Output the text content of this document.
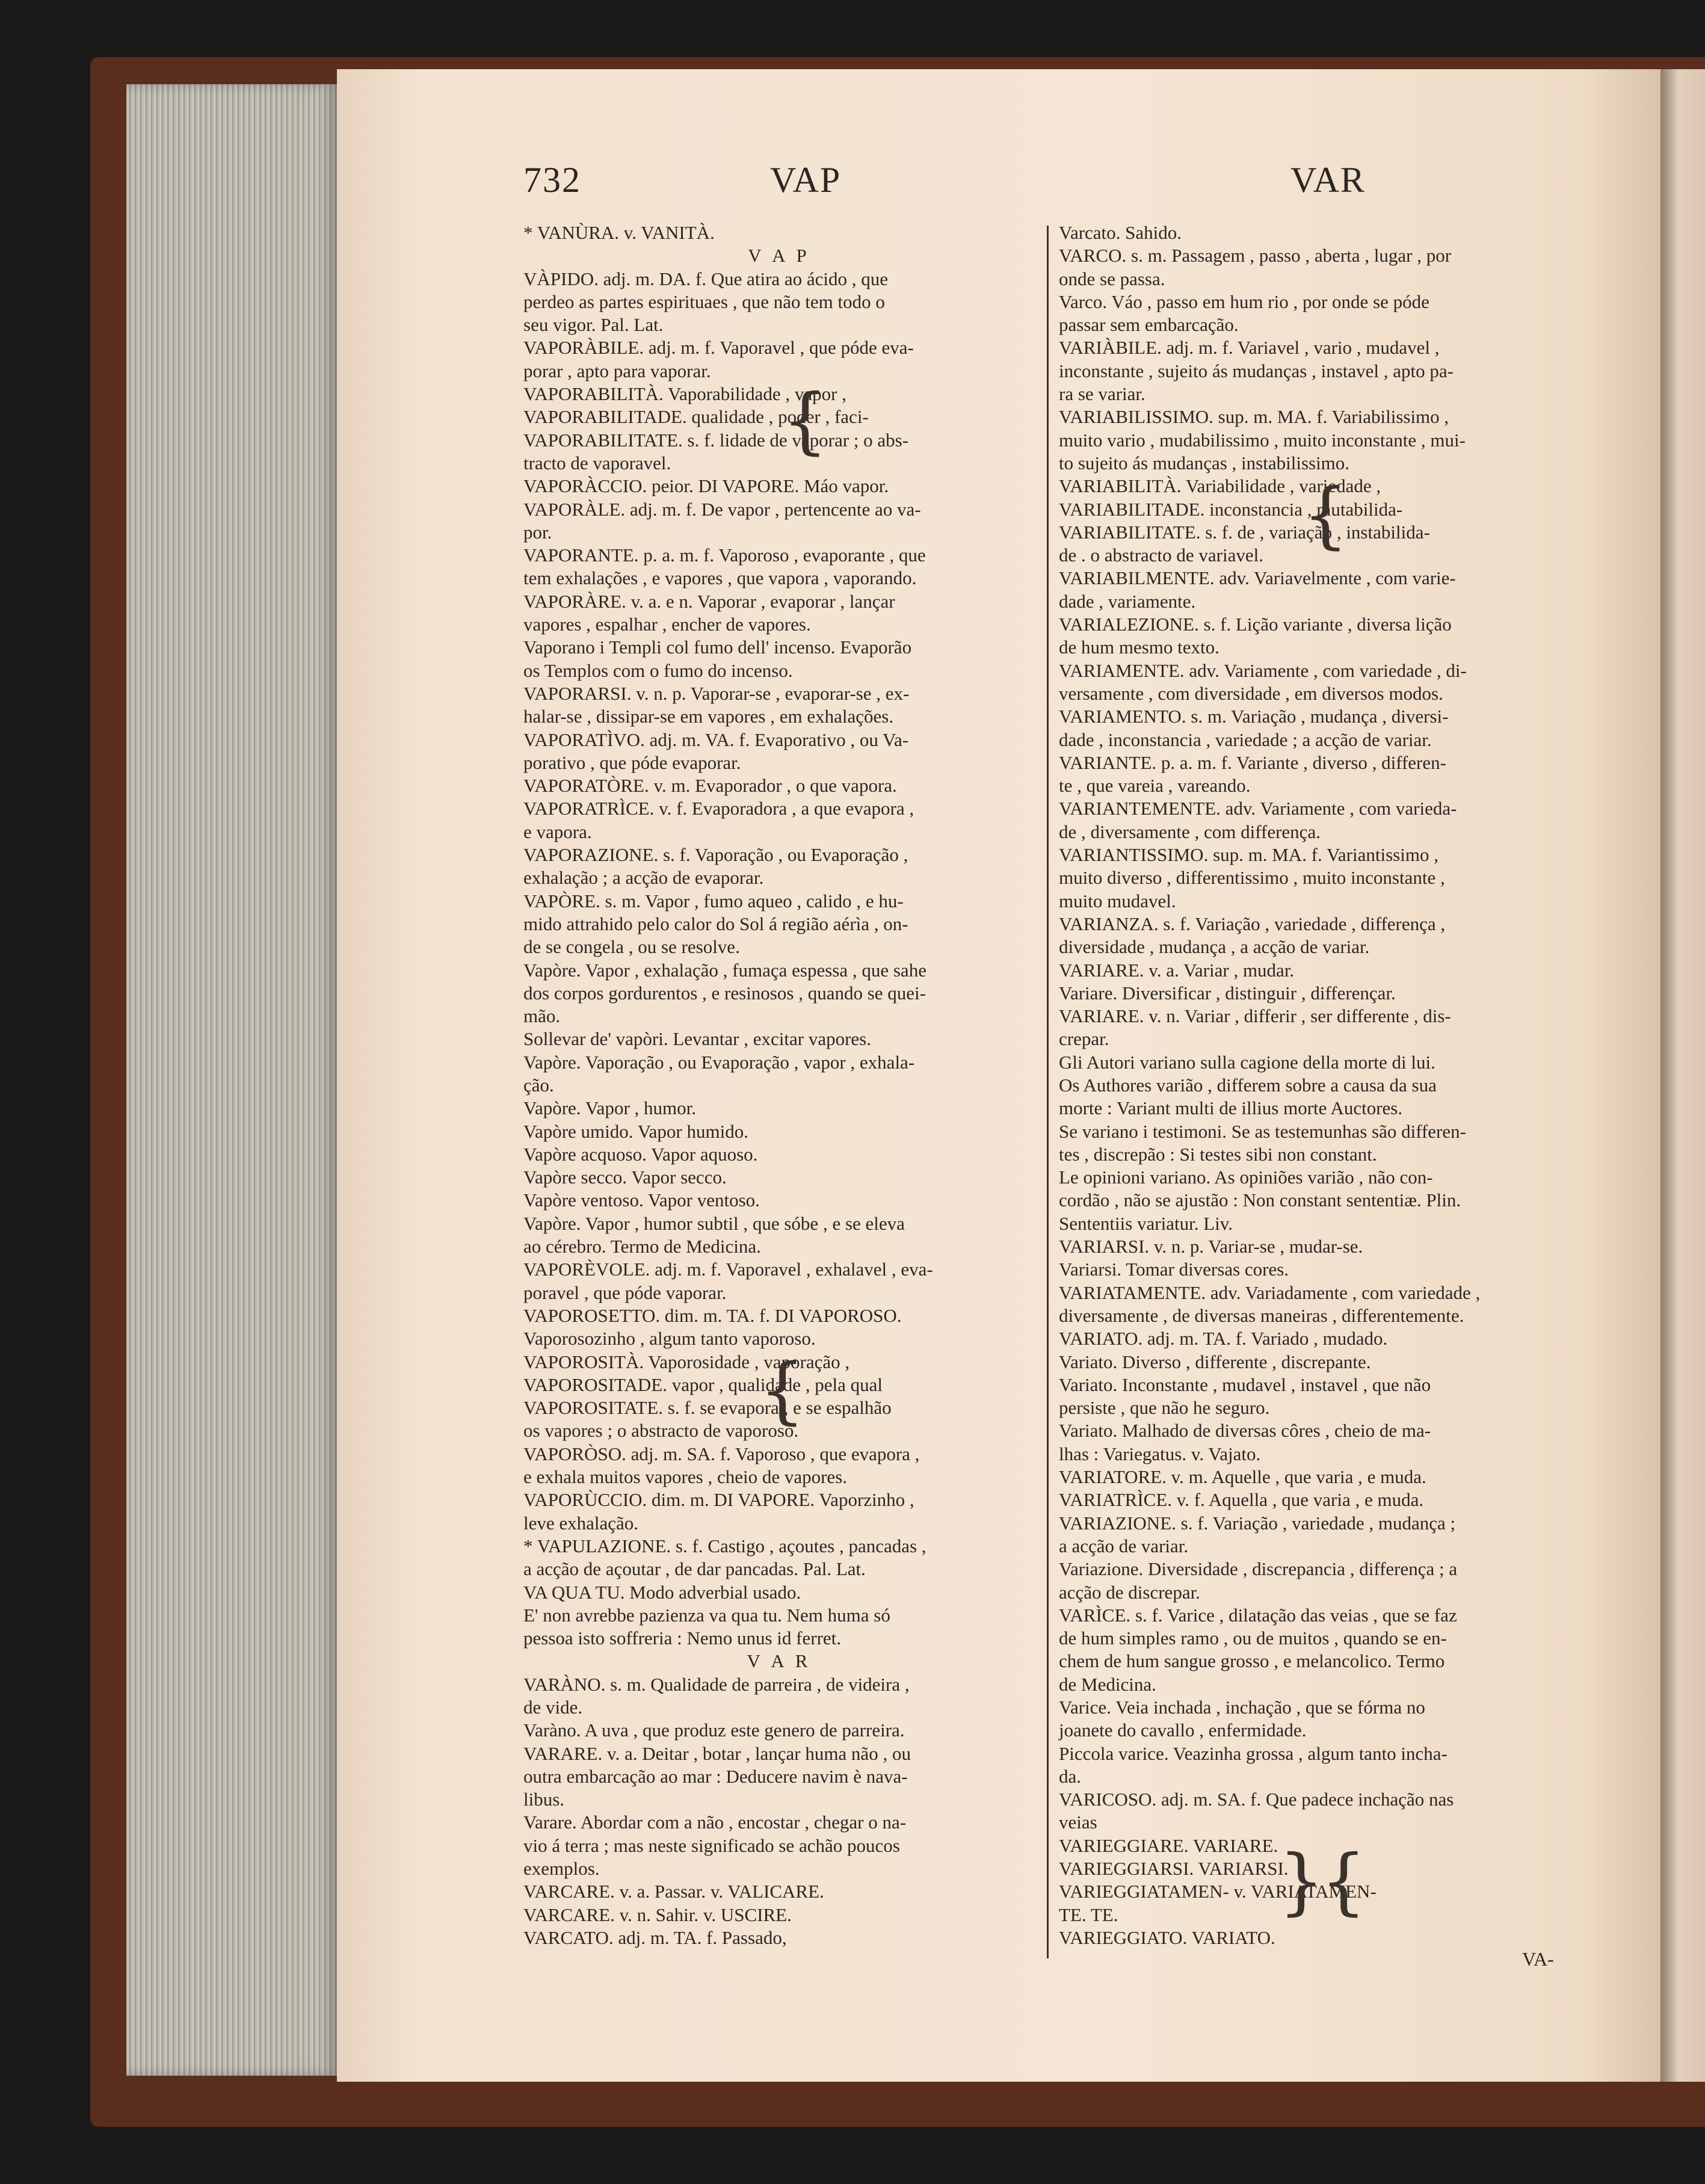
732	VAP	VAR
* VANÙRA. v. VANITÀ.
V A P
VÀPIDO. adj. m. DA. f. Que atira ao ácido , que
perdeo as partes espirituaes , que não tem todo o
seu vigor. Pal. Lat.
VAPORÀBILE. adj. m. f. Vaporavel , que póde eva-
porar , apto para vaporar.
VAPORABILITÀ. Vaporabilidade , vapor ,
VAPORABILITADE. qualidade , poder , faci-
VAPORABILITATE. s. f. lidade de vaporar ; o abs-
tracto de vaporavel.
VAPORÀCCIO. peior. DI VAPORE. Máo vapor.
VAPORÀLE. adj. m. f. De vapor , pertencente ao va-
por.
VAPORANTE. p. a. m. f. Vaporoso , evaporante , que
tem exhalações , e vapores , que vapora , vaporando.
VAPORÀRE. v. a. e n. Vaporar , evaporar , lançar
vapores , espalhar , encher de vapores.
Vaporano i Templi col fumo dell' incenso. Evaporão
os Templos com o fumo do incenso.
VAPORARSI. v. n. p. Vaporar-se , evaporar-se , ex-
halar-se , dissipar-se em vapores , em exhalações.
VAPORATÌVO. adj. m. VA. f. Evaporativo , ou Va-
porativo , que póde evaporar.
VAPORATÒRE. v. m. Evaporador , o que vapora.
VAPORATRÌCE. v. f. Evaporadora , a que evapora ,
e vapora.
VAPORAZIONE. s. f. Vaporação , ou Evaporação ,
exhalação ; a acção de evaporar.
VAPÒRE. s. m. Vapor , fumo aqueo , calido , e hu-
mido attrahido pelo calor do Sol á região aérìa , on-
de se congela , ou se resolve.
Vapòre. Vapor , exhalação , fumaça espessa , que sahe
dos corpos gordurentos , e resinosos , quando se quei-
mão.
Sollevar de' vapòri. Levantar , excitar vapores.
Vapòre. Vaporação , ou Evaporação , vapor , exhala-
ção.
Vapòre. Vapor , humor.
Vapòre umido. Vapor humido.
Vapòre acquoso. Vapor aquoso.
Vapòre secco. Vapor secco.
Vapòre ventoso. Vapor ventoso.
Vapòre. Vapor , humor subtil , que sóbe , e se eleva
ao cérebro. Termo de Medicina.
VAPORÈVOLE. adj. m. f. Vaporavel , exhalavel , eva-
poravel , que póde vaporar.
VAPOROSETTO. dim. m. TA. f. DI VAPOROSO.
Vaporosozinho , algum tanto vaporoso.
VAPOROSITÀ. Vaporosidade , vaporação ,
VAPOROSITADE. vapor , qualidade , pela qual
VAPOROSITATE. s. f. se evapora , e se espalhão
os vapores ; o abstracto de vaporoso.
VAPORÒSO. adj. m. SA. f. Vaporoso , que evapora ,
e exhala muitos vapores , cheio de vapores.
VAPORÙCCIO. dim. m. DI VAPORE. Vaporzinho ,
leve exhalação.
* VAPULAZIONE. s. f. Castigo , açoutes , pancadas ,
a acção de açoutar , de dar pancadas. Pal. Lat.
VA QUA TU. Modo adverbial usado.
E' non avrebbe pazienza va qua tu. Nem huma só
pessoa isto soffreria : Nemo unus id ferret.
V A R
VARÀNO. s. m. Qualidade de parreira , de videira ,
de vide.
Varàno. A uva , que produz este genero de parreira.
VARARE. v. a. Deitar , botar , lançar huma não , ou
outra embarcação ao mar : Deducere navim è nava-
libus.
Varare. Abordar com a não , encostar , chegar o na-
vio á terra ; mas neste significado se achão poucos
exemplos.
VARCARE. v. a. Passar. v. VALICARE.
VARCARE. v. n. Sahir. v. USCIRE.
VARCATO. adj. m. TA. f. Passado,
Varcato. Sahido.
VARCO. s. m. Passagem , passo , aberta , lugar , por
onde se passa.
Varco. Váo , passo em hum rio , por onde se póde
passar sem embarcação.
VARIÀBILE. adj. m. f. Variavel , vario , mudavel ,
inconstante , sujeito ás mudanças , instavel , apto pa-
ra se variar.
VARIABILISSIMO. sup. m. MA. f. Variabilissimo ,
muito vario , mudabilissimo , muito inconstante , mui-
to sujeito ás mudanças , instabilissimo.
VARIABILITÀ. Variabilidade , variedade ,
VARIABILITADE. inconstancia , mutabilida-
VARIABILITATE. s. f. de , variação , instabilida-
de . o abstracto de variavel.
VARIABILMENTE. adv. Variavelmente , com varie-
dade , variamente.
VARIALEZIONE. s. f. Lição variante , diversa lição
de hum mesmo texto.
VARIAMENTE. adv. Variamente , com variedade , di-
versamente , com diversidade , em diversos modos.
VARIAMENTO. s. m. Variação , mudança , diversi-
dade , inconstancia , variedade ; a acção de variar.
VARIANTE. p. a. m. f. Variante , diverso , differen-
te , que vareia , vareando.
VARIANTEMENTE. adv. Variamente , com varieda-
de , diversamente , com differença.
VARIANTISSIMO. sup. m. MA. f. Variantissimo ,
muito diverso , differentissimo , muito inconstante ,
muito mudavel.
VARIANZA. s. f. Variação , variedade , differença ,
diversidade , mudança , a acção de variar.
VARIARE. v. a. Variar , mudar.
Variare. Diversificar , distinguir , differençar.
VARIARE. v. n. Variar , differir , ser differente , dis-
crepar.
Gli Autori variano sulla cagione della morte di lui.
Os Authores varião , differem sobre a causa da sua
morte : Variant multi de illius morte Auctores.
Se variano i testimoni. Se as testemunhas são differen-
tes , discrepão : Si testes sibi non constant.
Le opinioni variano. As opiniões varião , não con-
cordão , não se ajustão : Non constant sententiæ. Plin.
Sententiis variatur. Liv.
VARIARSI. v. n. p. Variar-se , mudar-se.
Variarsi. Tomar diversas cores.
VARIATAMENTE. adv. Variadamente , com variedade ,
diversamente , de diversas maneiras , differentemente.
VARIATO. adj. m. TA. f. Variado , mudado.
Variato. Diverso , differente , discrepante.
Variato. Inconstante , mudavel , instavel , que não
persiste , que não he seguro.
Variato. Malhado de diversas côres , cheio de ma-
lhas : Variegatus. v. Vajato.
VARIATORE. v. m. Aquelle , que varia , e muda.
VARIATRÌCE. v. f. Aquella , que varia , e muda.
VARIAZIONE. s. f. Variação , variedade , mudança ;
a acção de variar.
Variazione. Diversidade , discrepancia , differença ; a
acção de discrepar.
VARÌCE. s. f. Varice , dilatação das veias , que se faz
de hum simples ramo , ou de muitos , quando se en-
chem de hum sangue grosso , e melancolico. Termo
de Medicina.
Varice. Veia inchada , inchação , que se fórma no
joanete do cavallo , enfermidade.
Piccola varice. Veazinha grossa , algum tanto incha-
da.
VARICOSO. adj. m. SA. f. Que padece inchação nas
veias
VARIEGGIARE. VARIARE.
VARIEGGIARSI. VARIARSI.
VARIEGGIATAMEN- v. VARIATAMEN-
TE. TE.
VARIEGGIATO. VARIATO.
{
{
{
}
{
VA-
